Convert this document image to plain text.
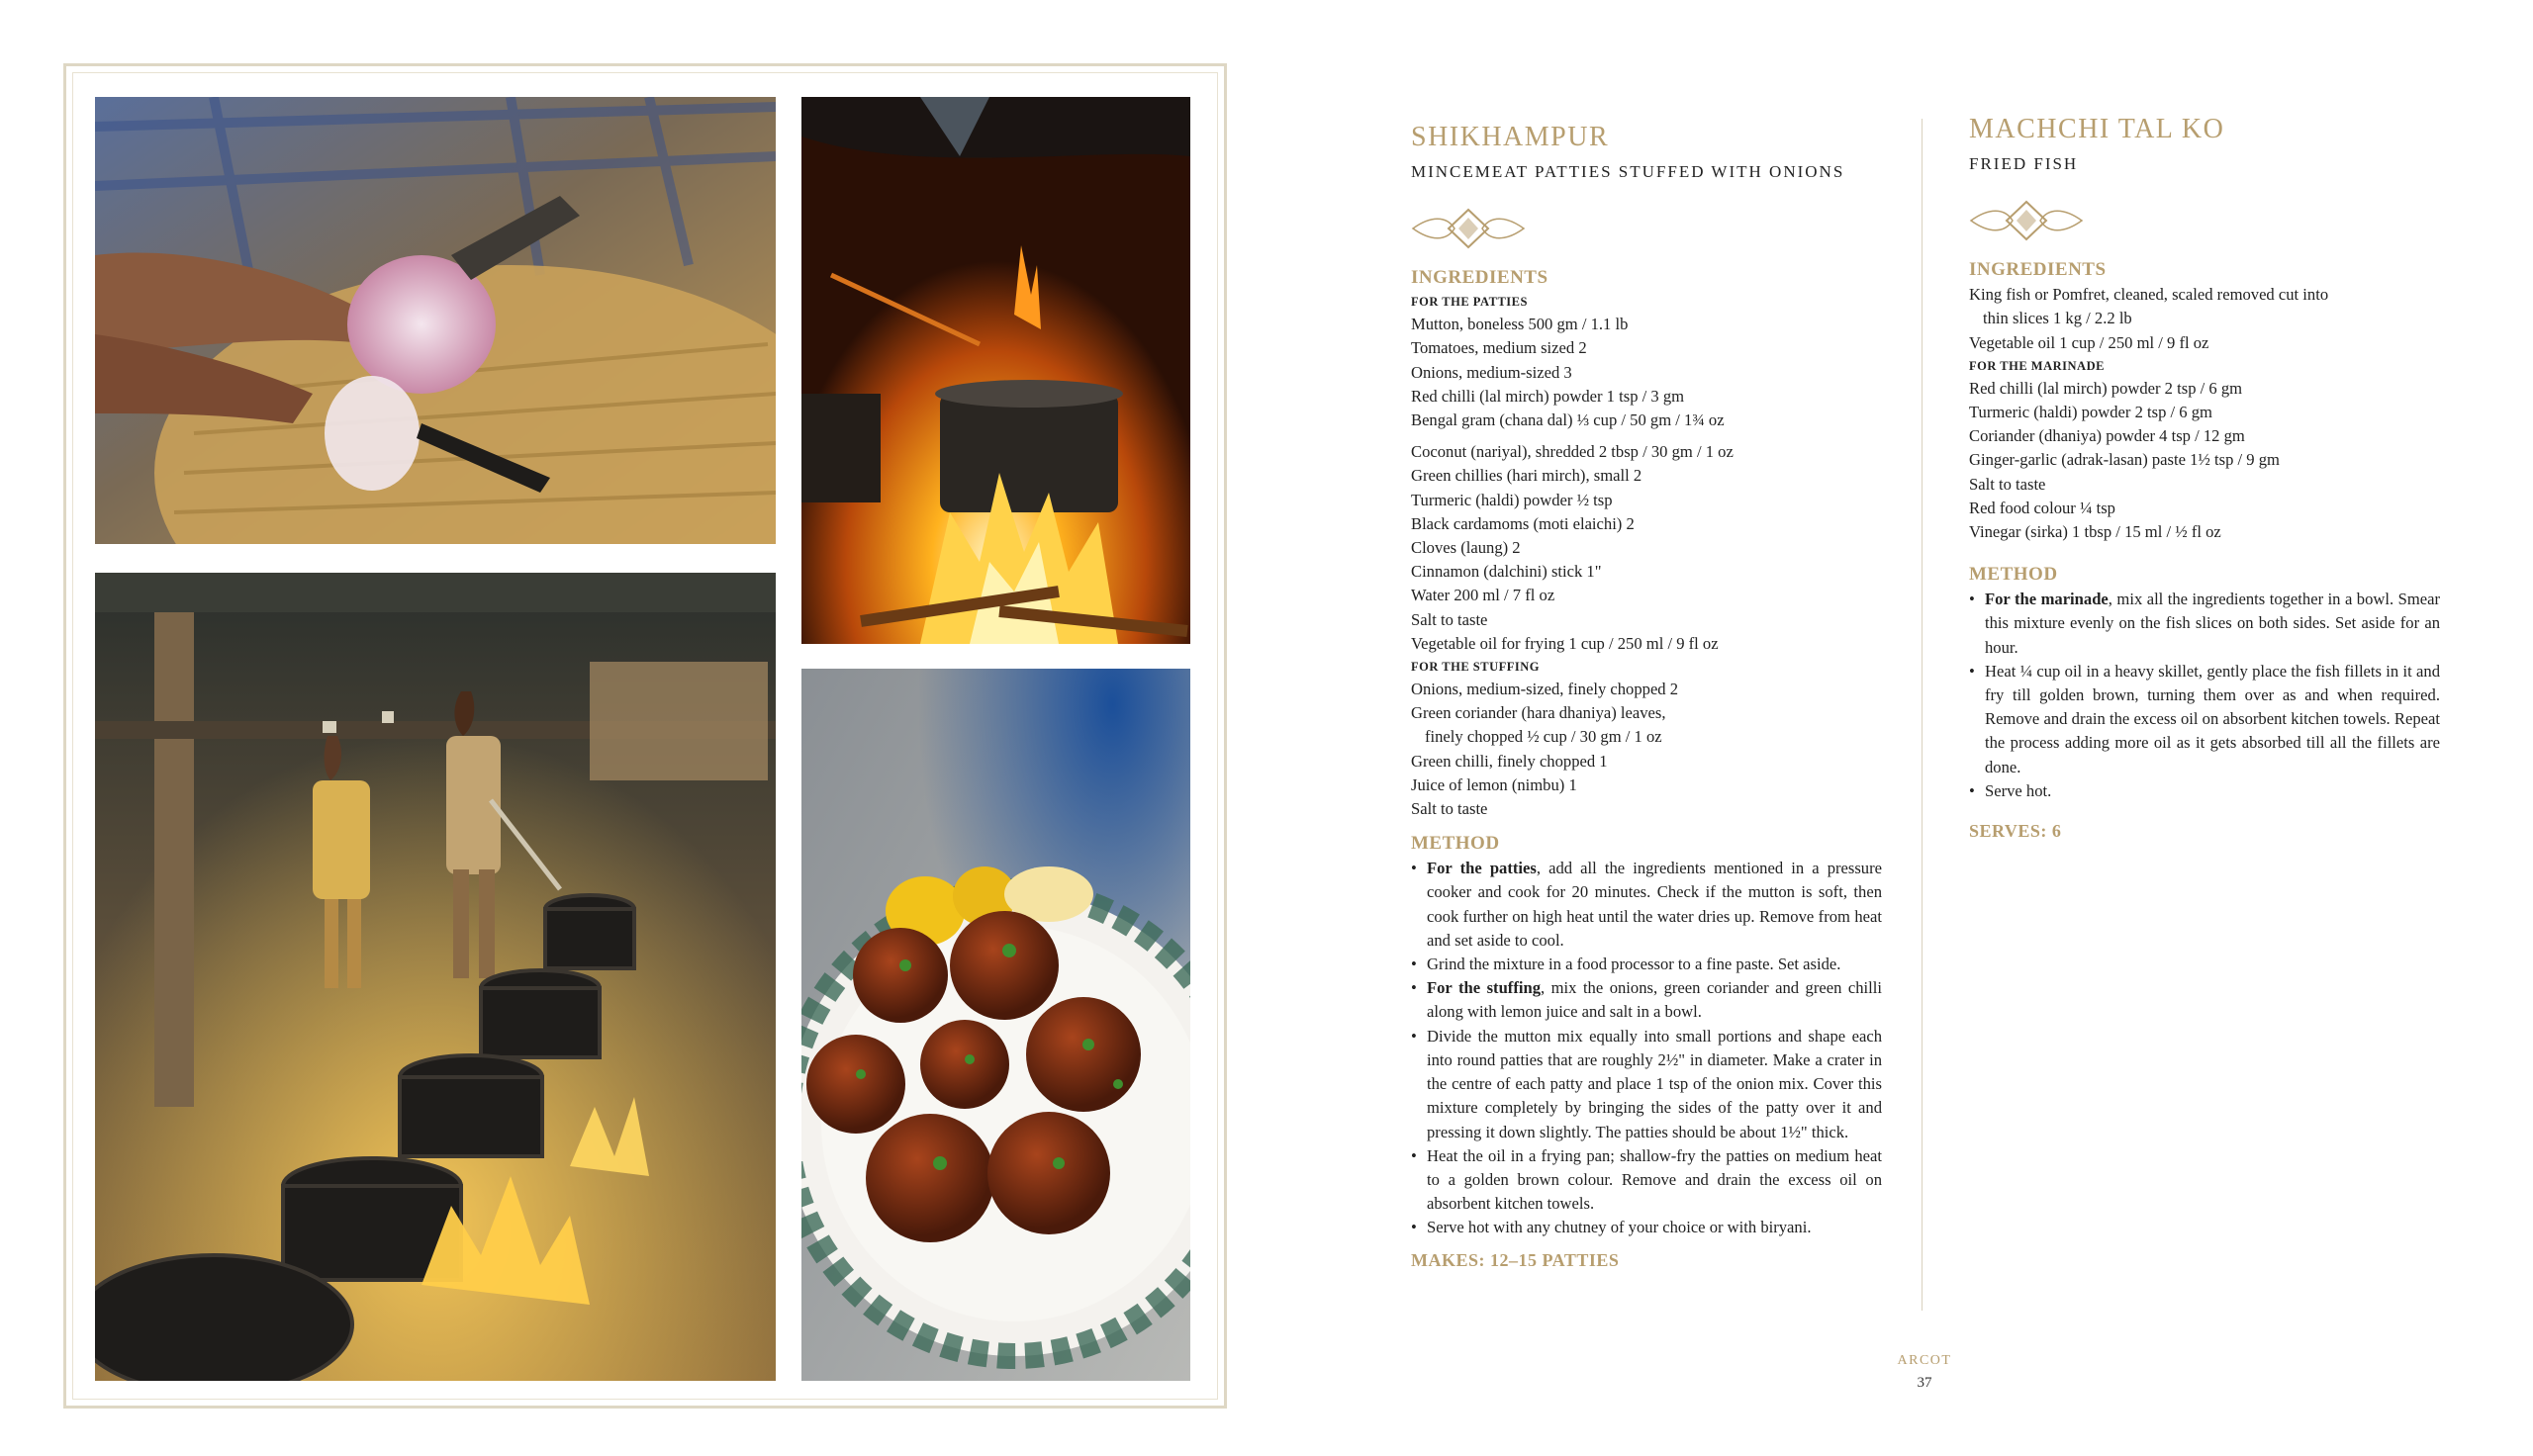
SHIKHAMPUR
MINCEMEAT PATTIES STUFFED WITH ONIONS
INGREDIENTS
FOR THE PATTIES
Mutton, boneless 500 gm / 1.1 lb
Tomatoes, medium sized 2
Onions, medium-sized 3
Red chilli (lal mirch) powder 1 tsp / 3 gm
Bengal gram (chana dal) ⅓ cup / 50 gm / 1¾ oz
Coconut (nariyal), shredded 2 tbsp / 30 gm / 1 oz
Green chillies (hari mirch), small 2
Turmeric (haldi) powder ½ tsp
Black cardamoms (moti elaichi) 2
Cloves (laung) 2
Cinnamon (dalchini) stick 1"
Water 200 ml / 7 fl oz
Salt to taste
Vegetable oil for frying 1 cup / 250 ml / 9 fl oz
FOR THE STUFFING
Onions, medium-sized, finely chopped 2
Green coriander (hara dhaniya) leaves,
finely chopped ½ cup / 30 gm / 1 oz
Green chilli, finely chopped 1
Juice of lemon (nimbu) 1
Salt to taste
METHOD
• For the patties, add all the ingredients mentioned in a pressure cooker and cook for 20 minutes. Check if the mutton is soft, then cook further on high heat until the water dries up. Remove from heat and set aside to cool.
• Grind the mixture in a food processor to a fine paste. Set aside.
• For the stuffing, mix the onions, green coriander and green chilli along with lemon juice and salt in a bowl.
• Divide the mutton mix equally into small portions and shape each into round patties that are roughly 2½" in diameter. Make a crater in the centre of each patty and place 1 tsp of the onion mix. Cover this mixture completely by bringing the sides of the patty over it and pressing it down slightly. The patties should be about 1½" thick.
• Heat the oil in a frying pan; shallow-fry the patties on medium heat to a golden brown colour. Remove and drain the excess oil on absorbent kitchen towels.
• Serve hot with any chutney of your choice or with biryani.
MAKES: 12–15 PATTIES
MACHCHI TAL KO
FRIED FISH
INGREDIENTS
King fish or Pomfret, cleaned, scaled removed cut into
thin slices 1 kg / 2.2 lb
Vegetable oil 1 cup / 250 ml / 9 fl oz
FOR THE MARINADE
Red chilli (lal mirch) powder 2 tsp / 6 gm
Turmeric (haldi) powder 2 tsp / 6 gm
Coriander (dhaniya) powder 4 tsp / 12 gm
Ginger-garlic (adrak-lasan) paste 1½ tsp / 9 gm
Salt to taste
Red food colour ¼ tsp
Vinegar (sirka) 1 tbsp / 15 ml / ½ fl oz
METHOD
• For the marinade, mix all the ingredients together in a bowl. Smear this mixture evenly on the fish slices on both sides. Set aside for an hour.
• Heat ¼ cup oil in a heavy skillet, gently place the fish fillets in it and fry till golden brown, turning them over as and when required. Remove and drain the excess oil on absorbent kitchen towels. Repeat the process adding more oil as it gets absorbed till all the fillets are done.
• Serve hot.
SERVES: 6
ARCOT
37
